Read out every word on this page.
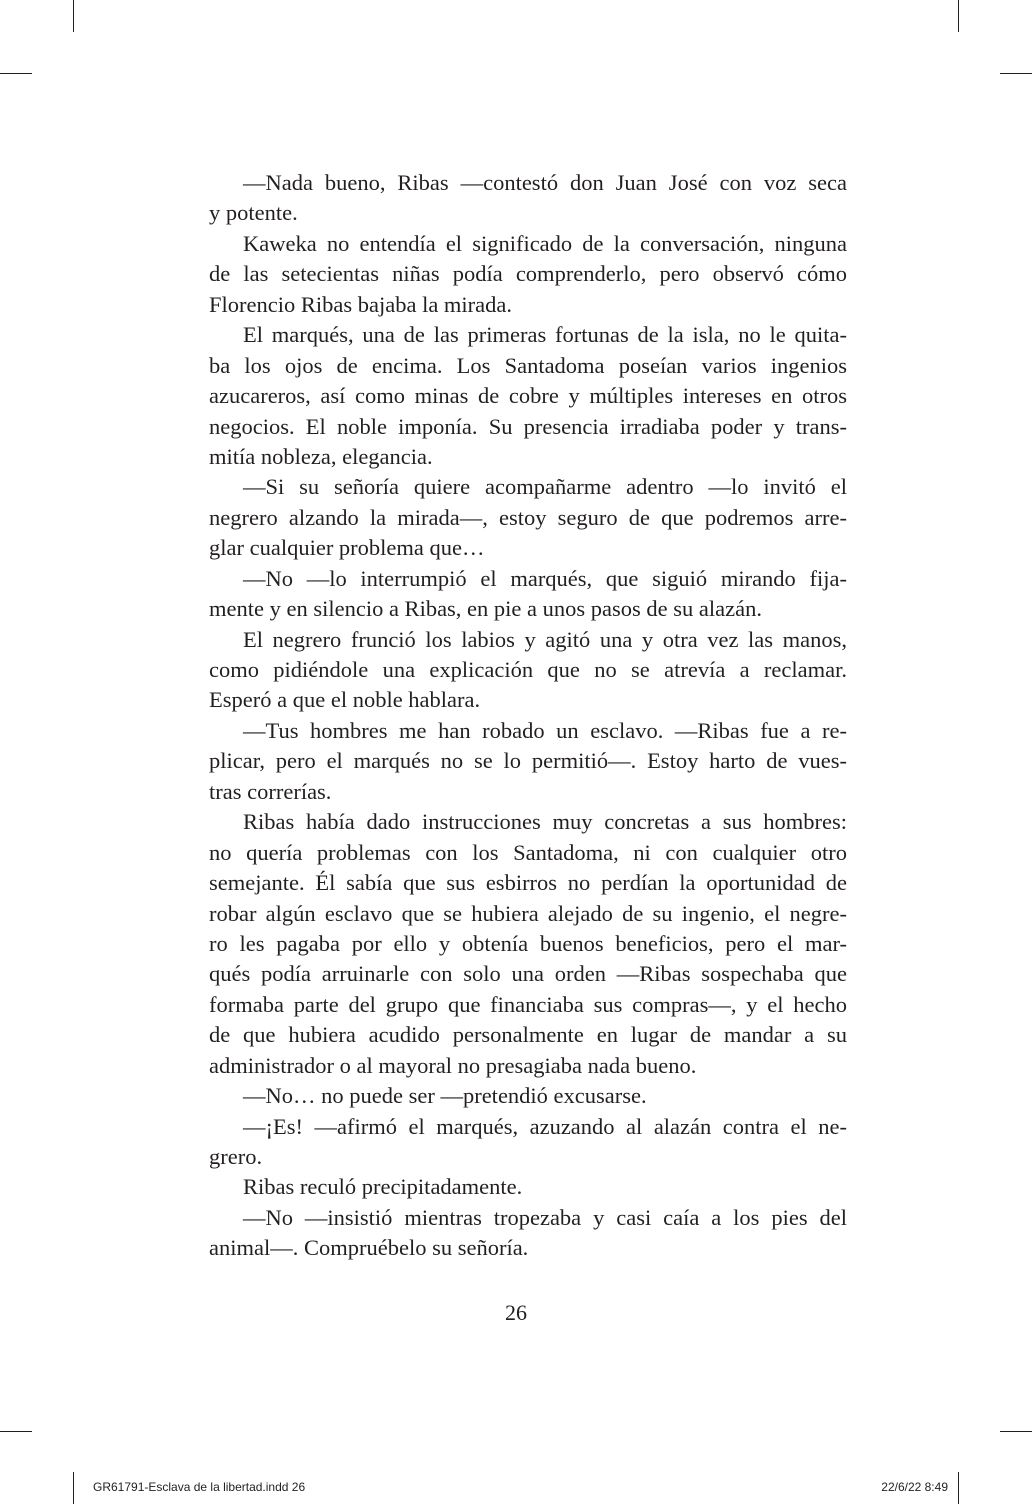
—Nada bueno, Ribas —contestó don Juan José con voz seca
y potente.
Kaweka no entendía el significado de la conversación, ninguna
de las setecientas niñas podía comprenderlo, pero observó cómo
Florencio Ribas bajaba la mirada.
El marqués, una de las primeras fortunas de la isla, no le quita-
ba los ojos de encima. Los Santadoma poseían varios ingenios
azucareros, así como minas de cobre y múltiples intereses en otros
negocios. El noble imponía. Su presencia irradiaba poder y trans-
mitía nobleza, elegancia.
—Si su señoría quiere acompañarme adentro —lo invitó el
negrero alzando la mirada—, estoy seguro de que podremos arre-
glar cualquier problema que…
—No —lo interrumpió el marqués, que siguió mirando fija-
mente y en silencio a Ribas, en pie a unos pasos de su alazán.
El negrero frunció los labios y agitó una y otra vez las manos,
como pidiéndole una explicación que no se atrevía a reclamar.
Esperó a que el noble hablara.
—Tus hombres me han robado un esclavo. —Ribas fue a re-
plicar, pero el marqués no se lo permitió—. Estoy harto de vues-
tras correrías.
Ribas había dado instrucciones muy concretas a sus hombres:
no quería problemas con los Santadoma, ni con cualquier otro
semejante. Él sabía que sus esbirros no perdían la oportunidad de
robar algún esclavo que se hubiera alejado de su ingenio, el negre-
ro les pagaba por ello y obtenía buenos beneficios, pero el mar-
qués podía arruinarle con solo una orden —Ribas sospechaba que
formaba parte del grupo que financiaba sus compras—, y el hecho
de que hubiera acudido personalmente en lugar de mandar a su
administrador o al mayoral no presagiaba nada bueno.
—No… no puede ser —pretendió excusarse.
—¡Es! —afirmó el marqués, azuzando al alazán contra el ne-
grero.
Ribas reculó precipitadamente.
—No —insistió mientras tropezaba y casi caía a los pies del
animal—. Compruébelo su señoría.
26
GR61791-Esclava de la libertad.indd 26	22/6/22 8:49
